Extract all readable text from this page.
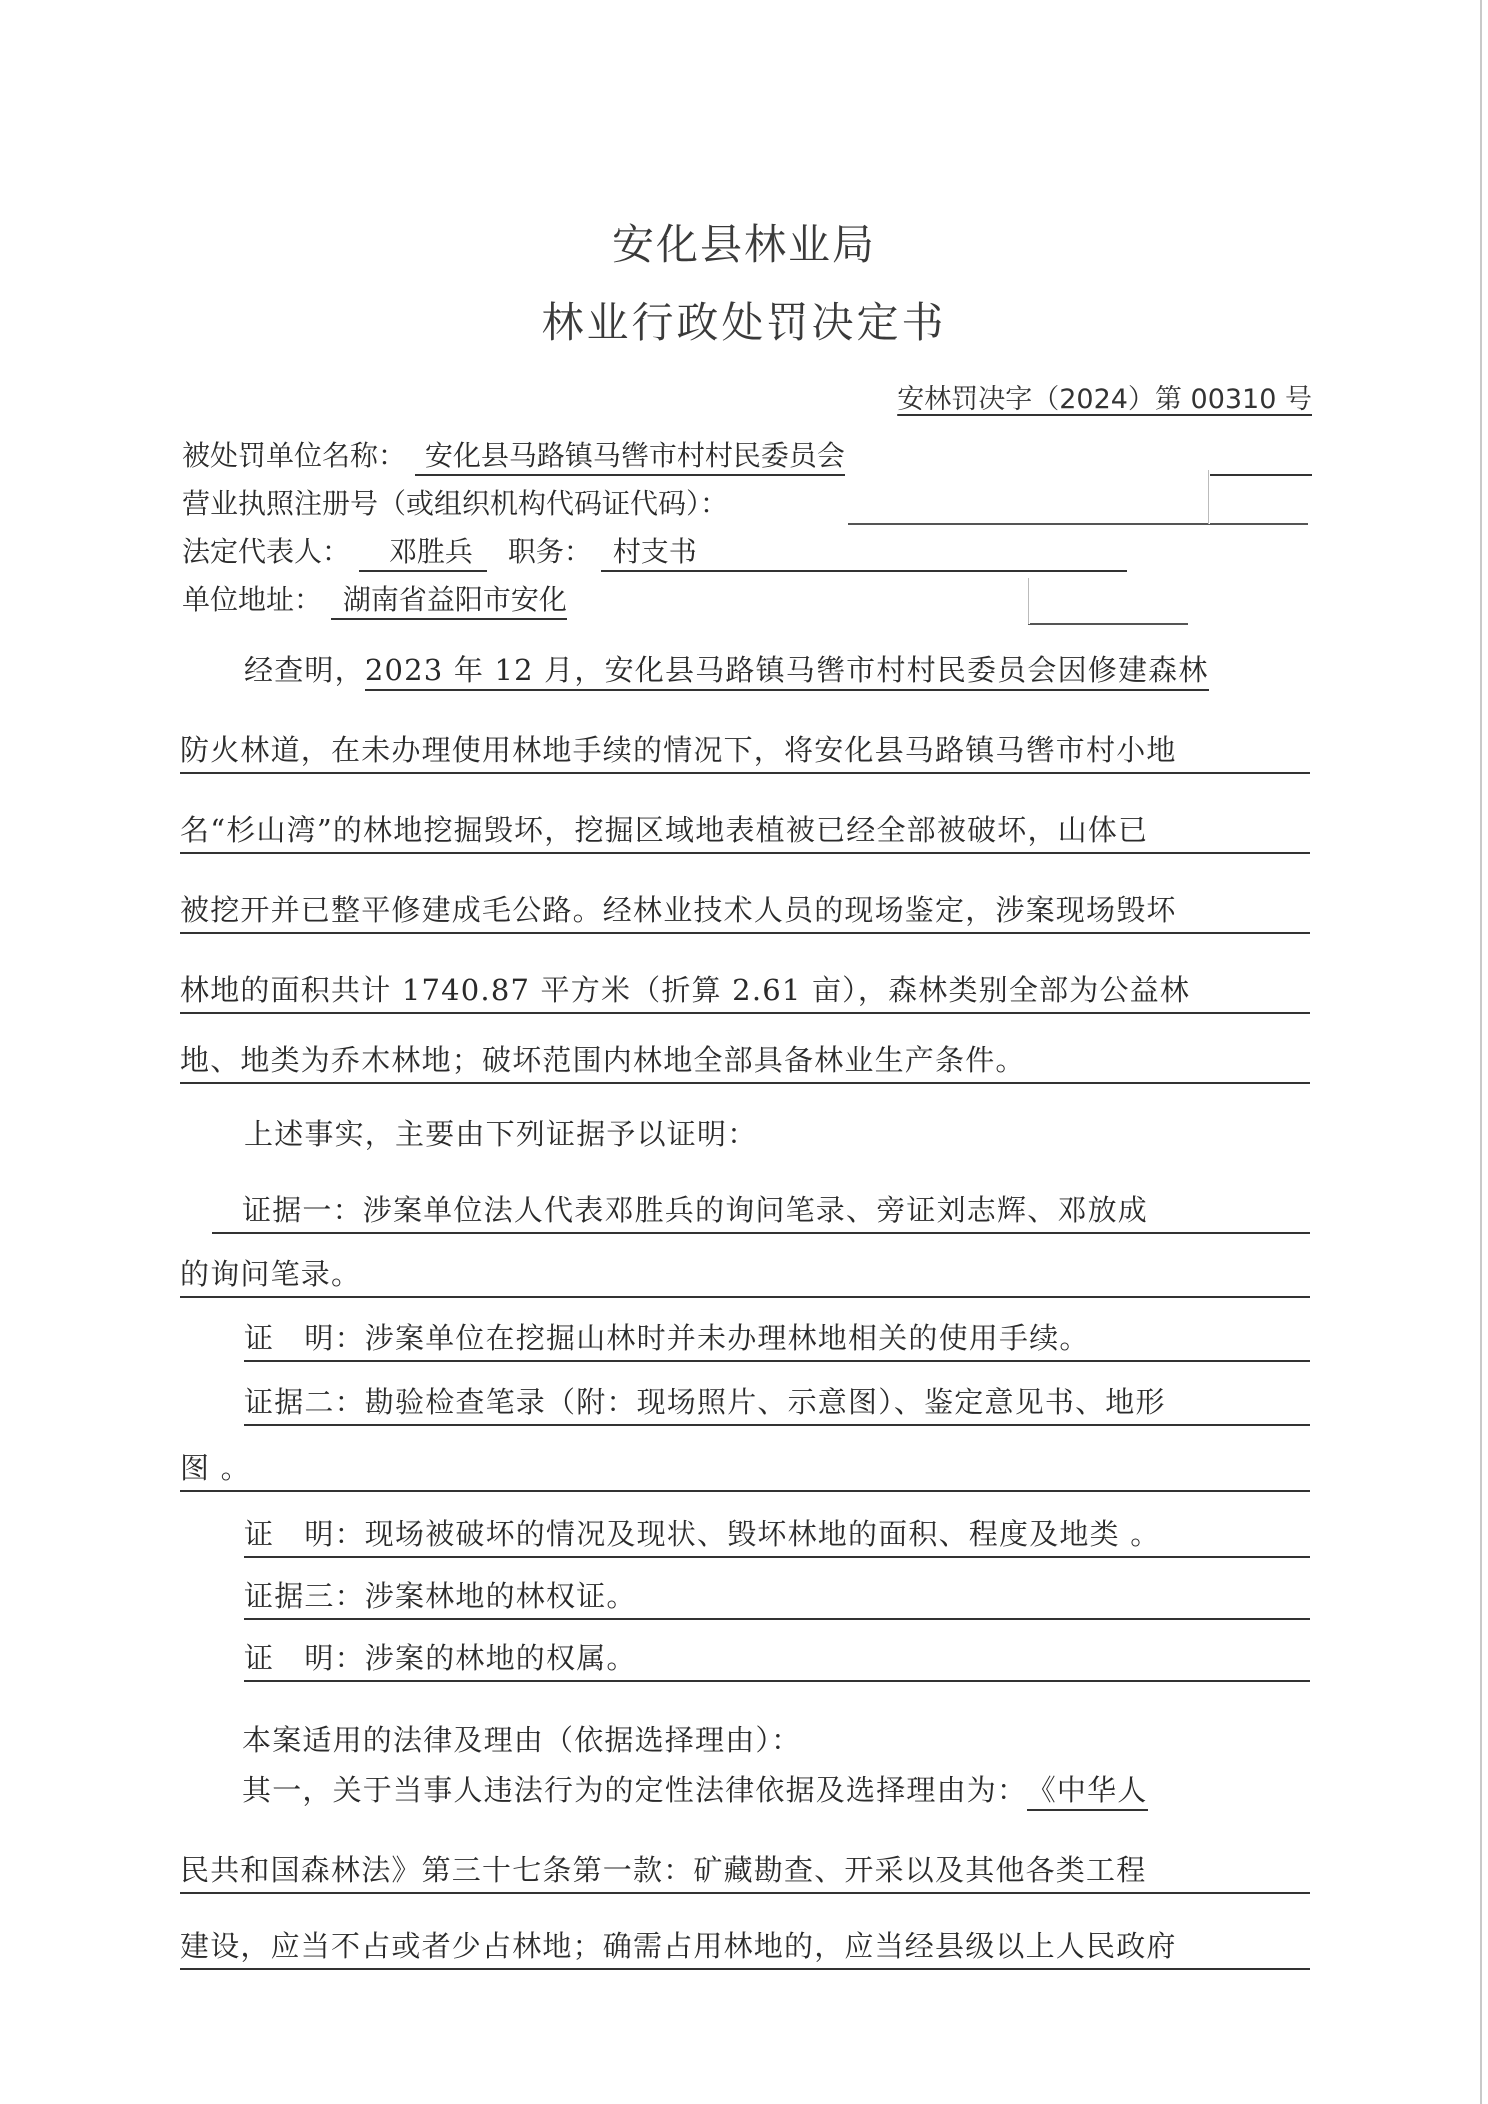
安化县林业局
林业行政处罚决定书
安林罚决字（2024）第 00310 号
被处罚单位名称： 安化县马路镇马辔市村村民委员会
营业执照注册号（或组织机构代码证代码）：
法定代表人： 邓胜兵 职务： 村支书
单位地址： 湖南省益阳市安化
经查明，2023 年 12 月，安化县马路镇马辔市村村民委员会因修建森林
防火林道，在未办理使用林地手续的情况下，将安化县马路镇马辔市村小地
名“杉山湾”的林地挖掘毁坏，挖掘区域地表植被已经全部被破坏，山体已
被挖开并已整平修建成毛公路。经林业技术人员的现场鉴定，涉案现场毁坏
林地的面积共计 1740.87 平方米（折算 2.61 亩），森林类别全部为公益林
地、地类为乔木林地；破坏范围内林地全部具备林业生产条件。
上述事实，主要由下列证据予以证明：
证据一：涉案单位法人代表邓胜兵的询问笔录、旁证刘志辉、邓放成
的询问笔录。
证　明：涉案单位在挖掘山林时并未办理林地相关的使用手续。
证据二：勘验检查笔录（附：现场照片、示意图）、鉴定意见书、地形
图 。
证　明：现场被破坏的情况及现状、毁坏林地的面积、程度及地类 。
证据三：涉案林地的林权证。
证　明：涉案的林地的权属。
本案适用的法律及理由（依据选择理由）：
其一，关于当事人违法行为的定性法律依据及选择理由为： 《中华人
民共和国森林法》第三十七条第一款：矿藏勘查、开采以及其他各类工程
建设，应当不占或者少占林地；确需占用林地的，应当经县级以上人民政府
